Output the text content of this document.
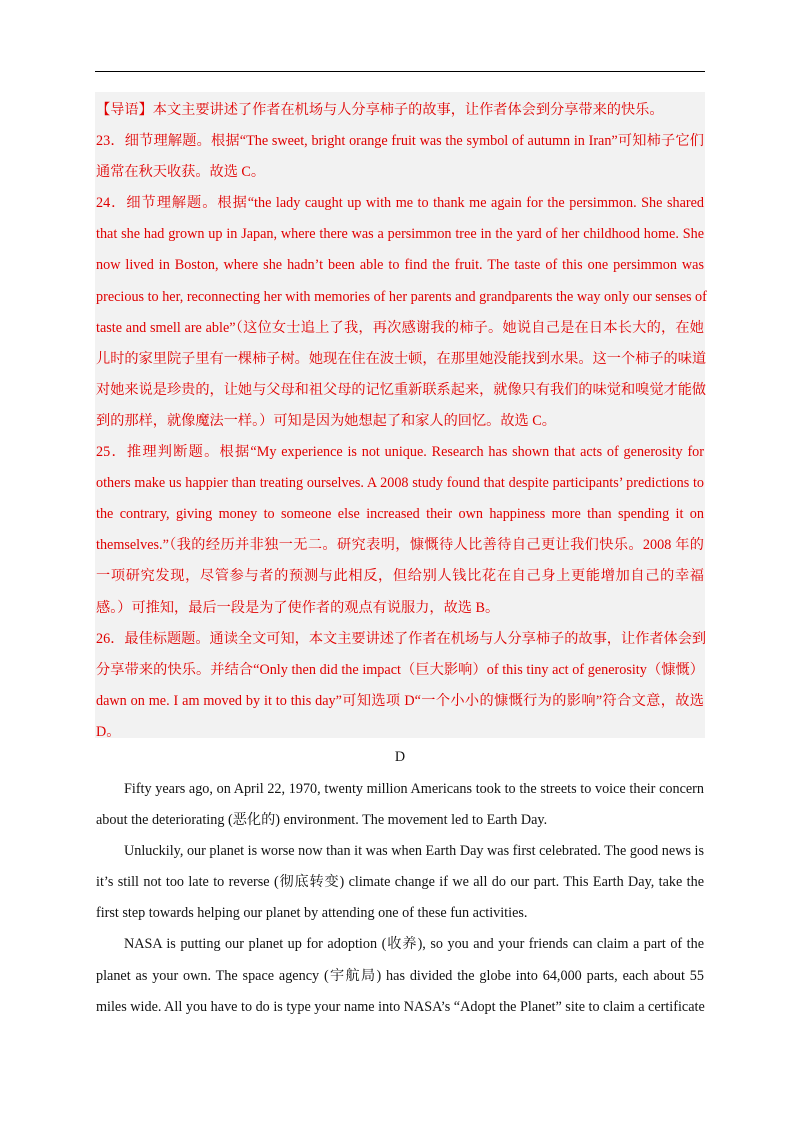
【导语】本文主要讲述了作者在机场与人分享柿子的故事，让作者体会到分享带来的快乐。

23．细节理解题。根据“The sweet, bright orange fruit was the symbol of autumn in Iran”可知柿子它们
通常在秋天收获。故选 C。

24．细节理解题。根据“the lady caught up with me to thank me again for the persimmon. She shared
that she had grown up in Japan, where there was a persimmon tree in the yard of her childhood home. She
now lived in Boston, where she hadn’t been able to find the fruit. The taste of this one persimmon was
precious to her, reconnecting her with memories of her parents and grandparents the way only our senses of
taste and smell are able”（这位女士追上了我，再次感谢我的柿子。她说自己是在日本长大的，在她
儿时的家里院子里有一棵柿子树。她现在住在波士顿，在那里她没能找到水果。这一个柿子的味道
对她来说是珍贵的，让她与父母和祖父母的记忆重新联系起来，就像只有我们的味觉和嗅觉才能做
到的那样，就像魔法一样。）可知是因为她想起了和家人的回忆。故选 C。

25．推理判断题。根据“My experience is not unique. Research has shown that acts of generosity for
others make us happier than treating ourselves. A 2008 study found that despite participants’ predictions to
the contrary, giving money to someone else increased their own happiness more than spending it on
themselves.”（我的经历并非独一无二。研究表明，慷慨待人比善待自己更让我们快乐。2008 年的
一项研究发现，尽管参与者的预测与此相反，但给别人钱比花在自己身上更能增加自己的幸福
感。）可推知，最后一段是为了使作者的观点有说服力，故选 B。

26．最佳标题题。通读全文可知，本文主要讲述了作者在机场与人分享柿子的故事，让作者体会到
分享带来的快乐。并结合“Only then did the impact（巨大影响）of this tiny act of generosity（慷慨）
dawn on me. I am moved by it to this day”可知选项 D“一个小小的慷慨行为的影响”符合文意，故选
D。

D

Fifty years ago, on April 22, 1970, twenty million Americans took to the streets to voice their concern
about the deteriorating (恶化的) environment. The movement led to Earth Day.

Unluckily, our planet is worse now than it was when Earth Day was first celebrated. The good news is
it’s still not too late to reverse (彻底转变) climate change if we all do our part. This Earth Day, take the
first step towards helping our planet by attending one of these fun activities.

NASA is putting our planet up for adoption (收养), so you and your friends can claim a part of the
planet as your own. The space agency (宇航局) has divided the globe into 64,000 parts, each about 55
miles wide. All you have to do is type your name into NASA’s “Adopt the Planet” site to claim a certificate
